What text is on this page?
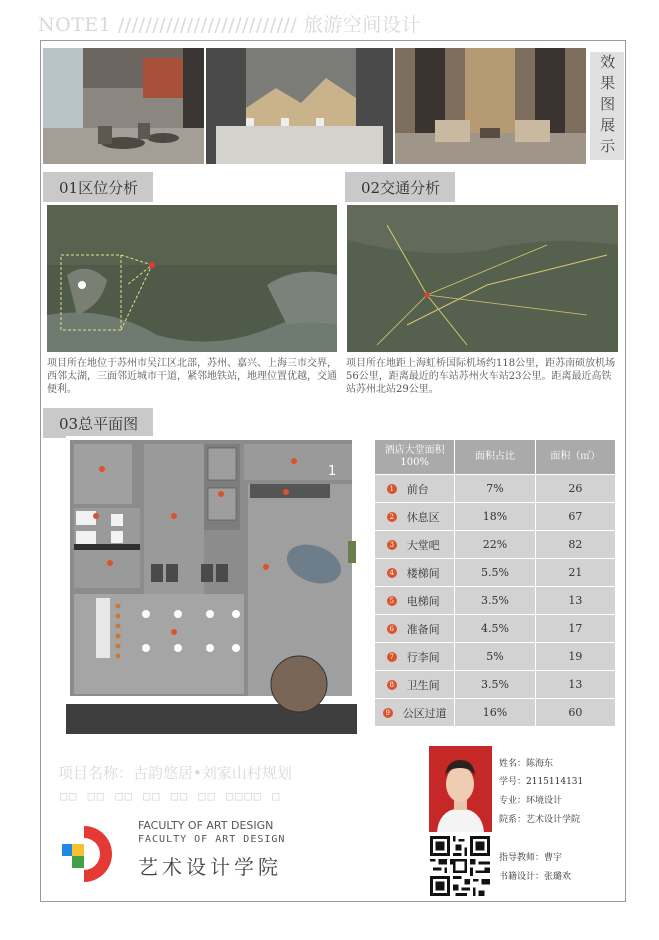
NOTE1 ////////////////////////// 旅游空间设计
效果图展示
01区位分析
项目所在地位于苏州市吴江区北部，苏州、嘉兴、上海三市交界，西邻太湖，三面邻近城市干道，紧邻地铁站，地理位置优越，交通便利。
02交通分析
项目所在地距上海虹桥国际机场约118公里，距苏南硕放机场56公里，距离最近的车站苏州火车站23公里。距离最近高铁站苏州北站29公里。
03总平面图
1
酒店大堂面积100%	面积占比	面积（㎡）
1 前台	7%	26
2 休息区	18%	67
3 大堂吧	22%	82
4 楼梯间	5.5%	21
5 电梯间	3.5%	13
6 准备间	4.5%	17
7 行李间	5%	19
8 卫生间	3.5%	13
9 公区过道	16%	60
项目名称：古韵悠居•刘家山村规划
□□ □□ □□ □□ □□ □□ □□□□ □
FACULTY OF ART DESIGN
FACULTY OF ART DESIGN
艺术设计学院
姓名：陈海东
学号：2115114131
专业：环境设计
院系：艺术设计学院
指导教师：曹宇
书籍设计：张璐欢
